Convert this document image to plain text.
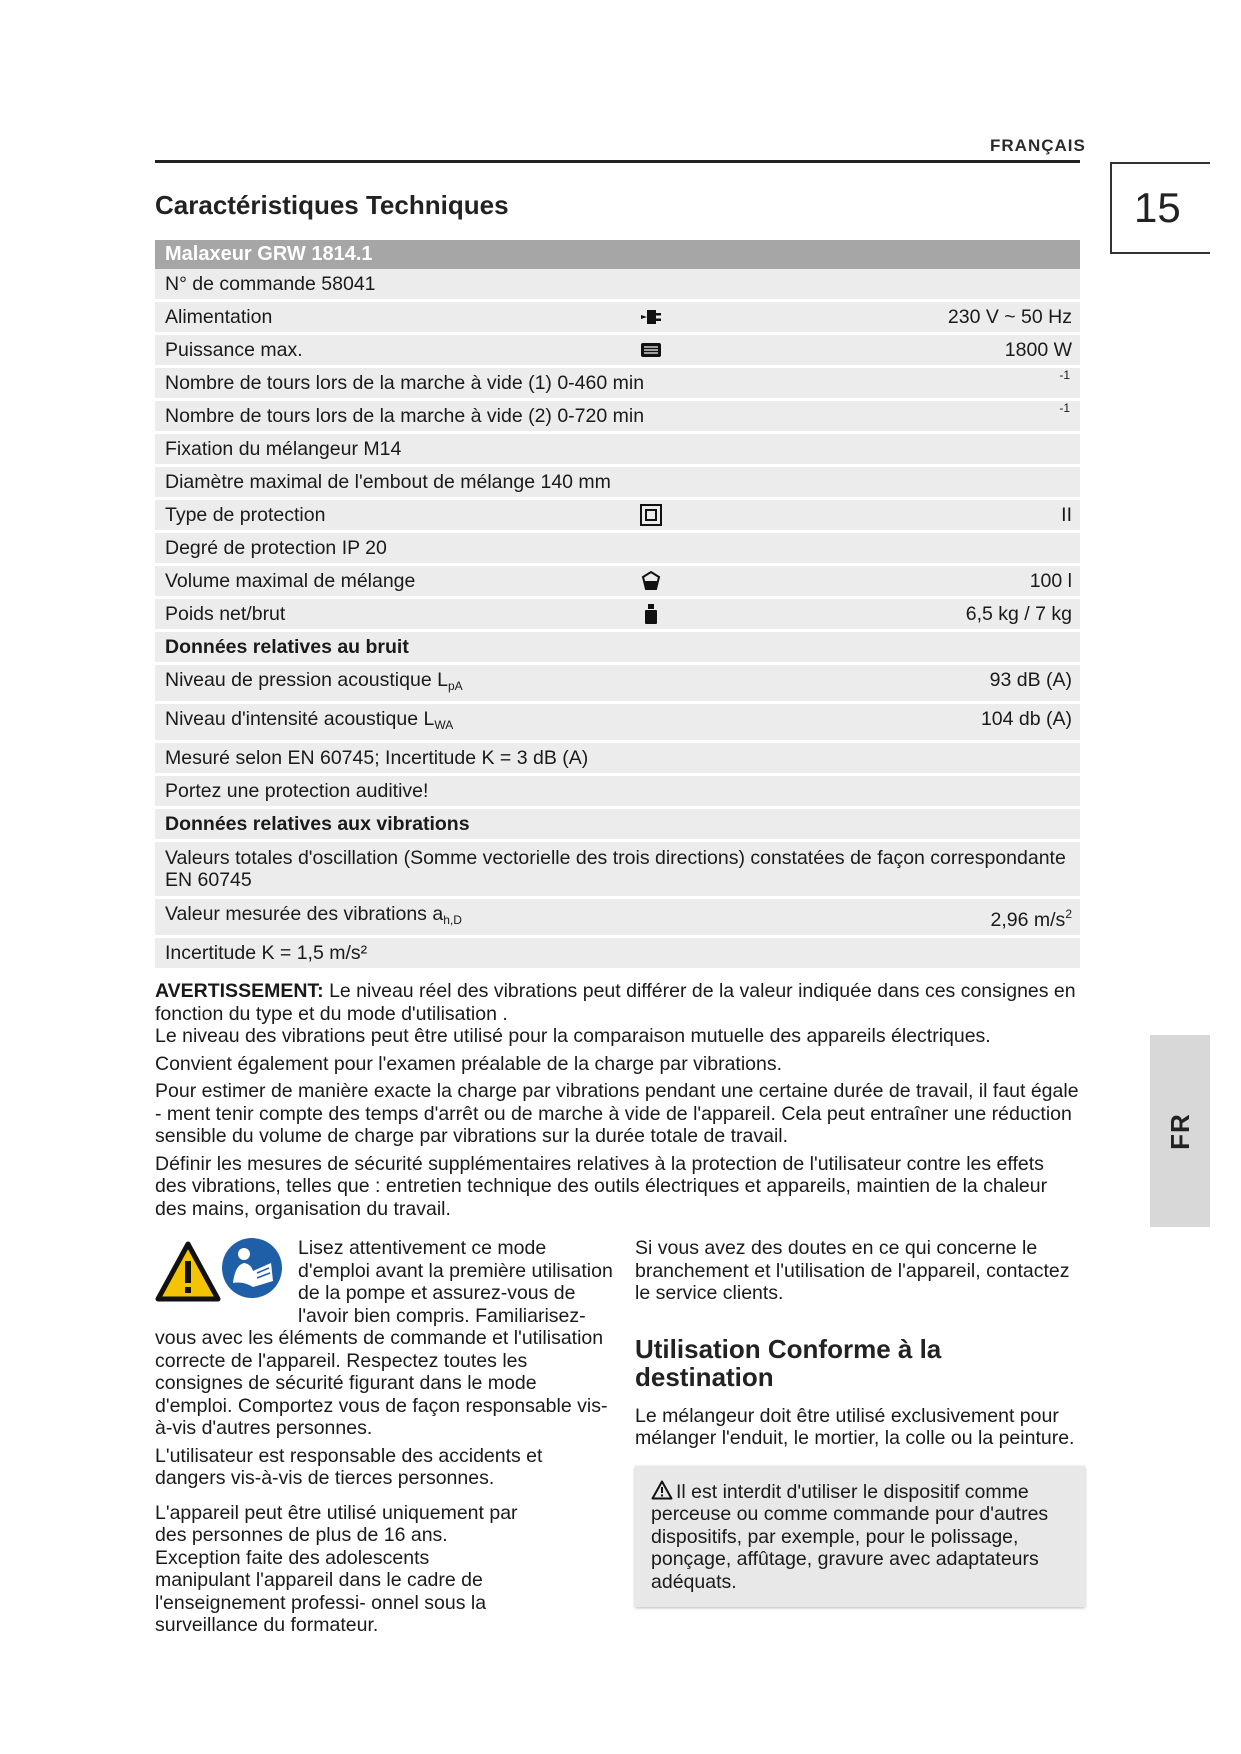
FRANÇAIS
15
FR
Caractéristiques Techniques
Malaxeur GRW 1814.1
N° de commande 58041
Alimentation	230 V ~ 50 Hz
Puissance max.	1800 W
Nombre de tours lors de la marche à vide (1) 0-460 min	-1
Nombre de tours lors de la marche à vide (2) 0-720 min	-1
Fixation du mélangeur M14
Diamètre maximal de l'embout de mélange 140 mm
Type de protection	II
Degré de protection IP 20
Volume maximal de mélange	100 l
Poids net/brut	6,5 kg / 7 kg
Données relatives au bruit
Niveau de pression acoustique $L_{pA}$	93 dB (A)
Niveau d'intensité acoustique $L_{WA}$	104 db (A)
Mesuré selon EN 60745; Incertitude K = 3 dB (A)
Portez une protection auditive!
Données relatives aux vibrations
Valeurs totales d'oscillation (Somme vectorielle des trois directions) constatées de façon correspondante EN 60745
Valeur mesurée des vibrations $a_{h,D}$	2,96 $m/s^2$
Incertitude K = 1,5 m/s²

AVERTISSEMENT: Le niveau réel des vibrations peut différer de la valeur indiquée dans ces consignes en fonction du type et du mode d'utilisation .
Le niveau des vibrations peut être utilisé pour la comparaison mutuelle des appareils électriques.

Convient également pour l'examen préalable de la charge par vibrations.

Pour estimer de manière exacte la charge par vibrations pendant une certaine durée de travail, il faut égale - ment tenir compte des temps d'arrêt ou de marche à vide de l'appareil. Cela peut entraîner une réduction sensible du volume de charge par vibrations sur la durée totale de travail.

Définir les mesures de sécurité supplémentaires relatives à la protection de l'utilisateur contre les effets des vibrations, telles que : entretien technique des outils électriques et appareils, maintien de la chaleur des mains, organisation du travail.

Lisez attentivement ce mode d'emploi avant la première utilisation de la pompe et assurez-vous de l'avoir bien compris. Familiarisez-vous avec les éléments de commande et l'utilisation correcte de l'appareil. Respectez toutes les consignes de sécurité figurant dans le mode d'emploi. Comportez vous de façon responsable vis-à-vis d'autres personnes.

L'utilisateur est responsable des accidents et dangers vis-à-vis de tierces personnes.

L'appareil peut être utilisé uniquement par des personnes de plus de 16 ans. Exception faite des adolescents manipulant l'appareil dans le cadre de l'enseignement professi- onnel sous la surveillance du formateur.

Si vous avez des doutes en ce qui concerne le branchement et l'utilisation de l'appareil, contactez le service clients.

Utilisation Conforme à la destination

Le mélangeur doit être utilisé exclusivement pour mélanger l'enduit, le mortier, la colle ou la peinture.

Il est interdit d'utiliser le dispositif comme perceuse ou comme commande pour d'autres dispositifs, par exemple, pour le polissage, ponçage, affûtage, gravure avec adaptateurs adéquats.
